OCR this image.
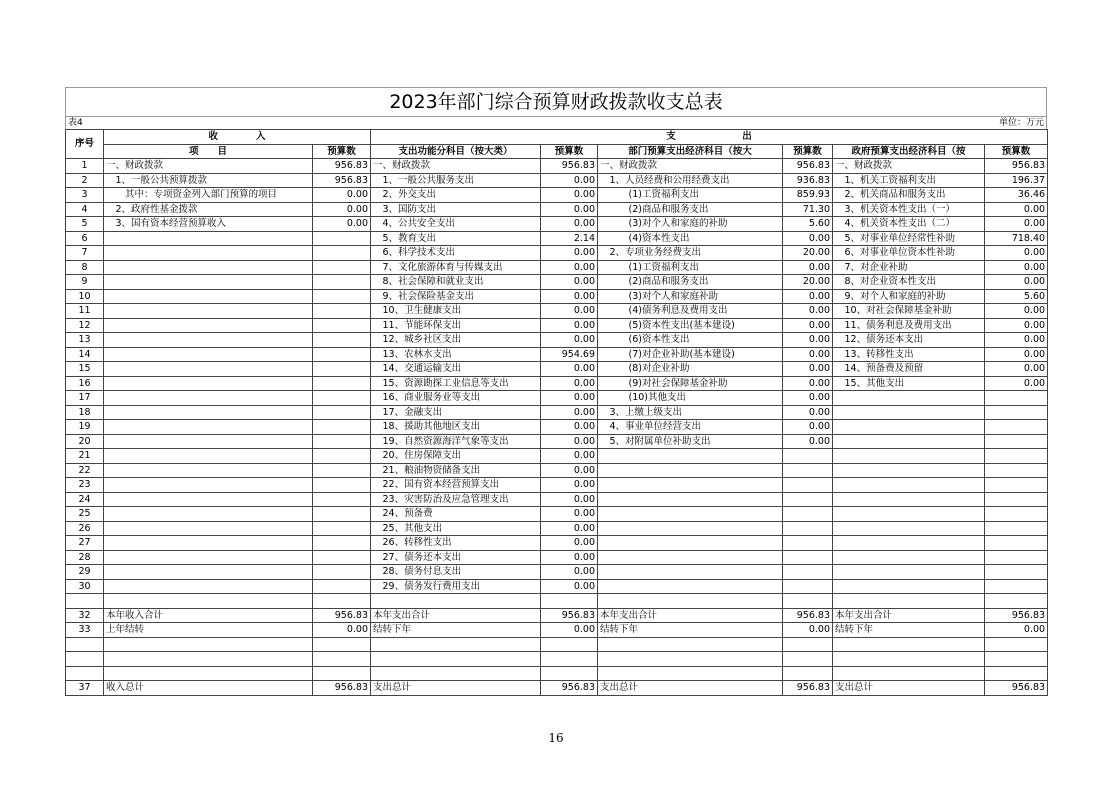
2023年部门综合预算财政拨款收支总表
表4	单位：万元
序号	收　　　　入		支　　　　　　　出					
	项　　目	预算数	支出功能分科目（按大类）	预算数	部门预算支出经济科目（按大	预算数	政府预算支出经济科目（按	预算数
1	一、财政拨款	956.83	一、财政拨款	956.83	一、财政拨款	956.83	一、财政拨款	956.83
2	　1、一般公共预算拨款	956.83	　1、一般公共服务支出	0.00	　1、人员经费和公用经费支出	936.83	　1、机关工资福利支出	196.37
3	　　其中：专项资金列入部门预算的项目	0.00	　2、外交支出	0.00	　　　(1)工资福利支出	859.93	　2、机关商品和服务支出	36.46
4	　2、政府性基金拨款	0.00	　3、国防支出	0.00	　　　(2)商品和服务支出	71.30	　3、机关资本性支出（一）	0.00
5	　3、国有资本经营预算收入	0.00	　4、公共安全支出	0.00	　　　(3)对个人和家庭的补助	5.60	　4、机关资本性支出（二）	0.00
6			　5、教育支出	2.14	　　　(4)资本性支出	0.00	　5、对事业单位经常性补助	718.40
7			　6、科学技术支出	0.00	　2、专项业务经费支出	20.00	　6、对事业单位资本性补助	0.00
8			　7、文化旅游体育与传媒支出	0.00	　　　(1)工资福利支出	0.00	　7、对企业补助	0.00
9			　8、社会保障和就业支出	0.00	　　　(2)商品和服务支出	20.00	　8、对企业资本性支出	0.00
10			　9、社会保险基金支出	0.00	　　　(3)对个人和家庭补助	0.00	　9、对个人和家庭的补助	5.60
11			　10、卫生健康支出	0.00	　　　(4)债务利息及费用支出	0.00	　10、对社会保障基金补助	0.00
12			　11、节能环保支出	0.00	　　　(5)资本性支出(基本建设)	0.00	　11、债务利息及费用支出	0.00
13			　12、城乡社区支出	0.00	　　　(6)资本性支出	0.00	　12、债务还本支出	0.00
14			　13、农林水支出	954.69	　　　(7)对企业补助(基本建设)	0.00	　13、转移性支出	0.00
15			　14、交通运输支出	0.00	　　　(8)对企业补助	0.00	　14、预备费及预留	0.00
16			　15、资源勘探工业信息等支出	0.00	　　　(9)对社会保障基金补助	0.00	　15、其他支出	0.00
17			　16、商业服务业等支出	0.00	　　　(10)其他支出	0.00		
18			　17、金融支出	0.00	　3、上缴上级支出	0.00		
19			　18、援助其他地区支出	0.00	　4、事业单位经营支出	0.00		
20			　19、自然资源海洋气象等支出	0.00	　5、对附属单位补助支出	0.00		
21			　20、住房保障支出	0.00				
22			　21、粮油物资储备支出	0.00				
23			　22、国有资本经营预算支出	0.00				
24			　23、灾害防治及应急管理支出	0.00				
25			　24、预备费	0.00				
26			　25、其他支出	0.00				
27			　26、转移性支出	0.00				
28			　27、债务还本支出	0.00				
29			　28、债务付息支出	0.00				
30			　29、债务发行费用支出	0.00				

32	本年收入合计	956.83	本年支出合计	956.83	本年支出合计	956.83	本年支出合计	956.83
33	上年结转	0.00	结转下年	0.00	结转下年	0.00	结转下年	0.00

37	收入总计	956.83	支出总计	956.83	支出总计	956.83	支出总计	956.83
16
